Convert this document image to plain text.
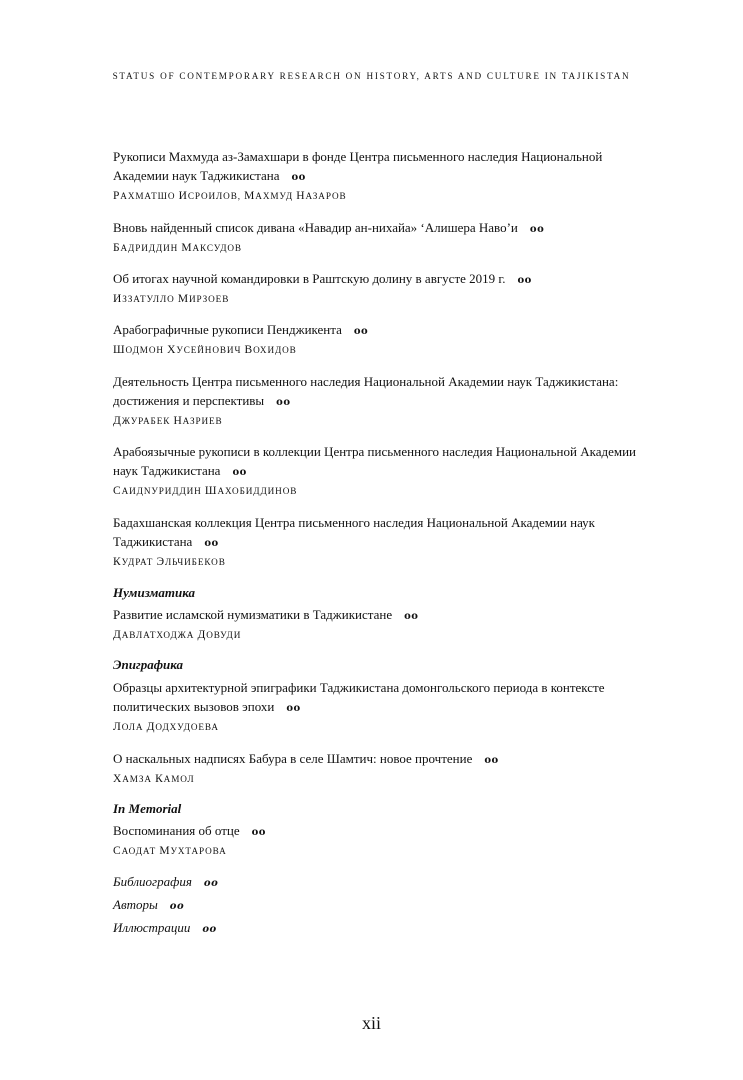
STATUS OF CONTEMPORARY RESEARCH ON HISTORY, ARTS AND CULTURE IN TAJIKISTAN
Рукописи Махмуда аз-Замахшари в фонде Центра письменного наследия Национальной
Академии наук Таджикистана oo
РАХМАТШО ИСРОИЛОВ, МАХМУД НАЗАРОВ
Вновь найденный список дивана «Навадир ан-нихайа» ‘Алишера Наво’и oo
БАДРИДДИН МАКСУДОВ
Об итогах научной командировки в Раштскую долину в августе 2019 г. oo
ИЗЗАТУЛЛО МИРЗОЕВ
Арабографичные рукописи Пенджикента oo
ШОДМОН ХУСЕЙНОВИЧ ВОХИДОВ
Деятельность Центра письменного наследия Национальной Академии наук Таджикистана:
достижения и перспективы oo
ДЖУРАБЕК НАЗРИЕВ
Арабоязычные рукописи в коллекции Центра письменного наследия Национальной Академии
наук Таджикистана oo
САИДNУРИДДИН ШАХОБИДДИНОВ
Бадахшанская коллекция Центра письменного наследия Национальной Академии наук
Таджикистана oo
КУДРАТ ЭЛЬЧИБЕКОВ
Нумизматика
Развитие исламской нумизматики в Таджикистане oo
ДАВЛАТХОДЖА ДОВУДИ
Эпиграфика
Образцы архитектурной эпиграфики Таджикистана домонгольского периода в контексте
политических вызовов эпохи oo
ЛОЛА ДОДХУДОЕВА
О наскальных надписях Бабура в селе Шамтич: новое прочтение oo
ХАМЗА КАМОЛ
In Memorial
Воспоминания об отце oo
САОДАТ МУХТАРОВА
Библиография oo
Авторы oo
Иллюстрации oo
xii
